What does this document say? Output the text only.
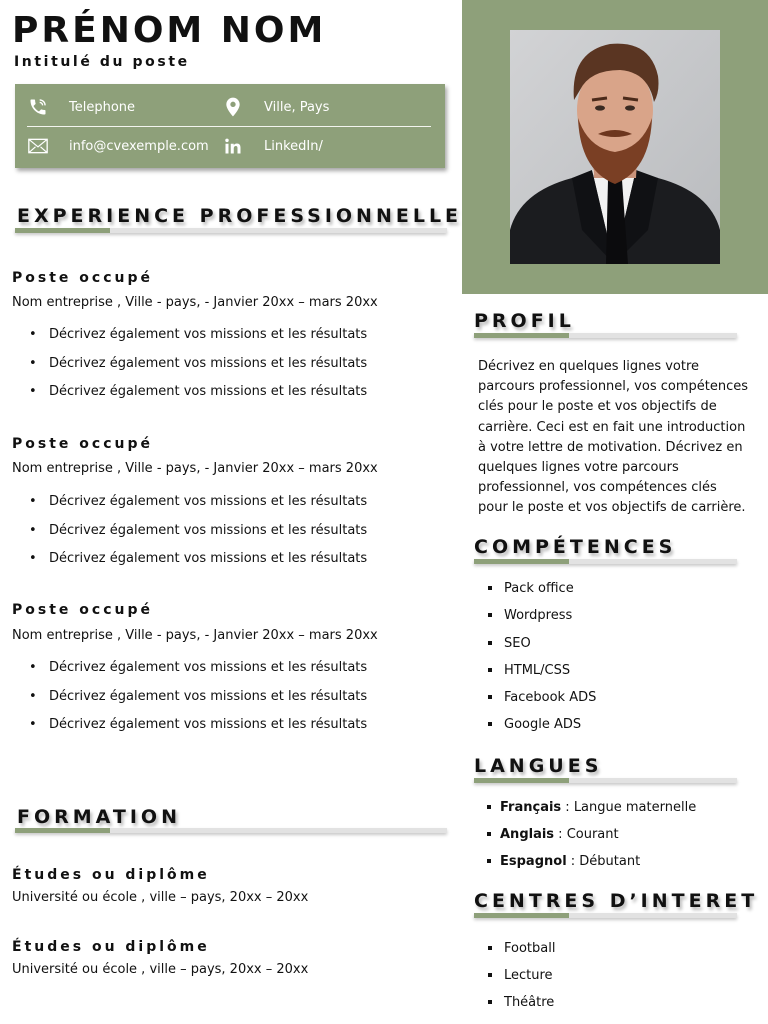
PRÉNOM NOM
Intitulé du poste
Telephone	Ville, Pays
info@cvexemple.com	LinkedIn/
EXPERIENCE PROFESSIONNELLE
Poste occupé
Nom entreprise , Ville - pays, - Janvier 20xx – mars 20xx
• Décrivez également vos missions et les résultats
• Décrivez également vos missions et les résultats
• Décrivez également vos missions et les résultats
Poste occupé
Nom entreprise , Ville - pays, - Janvier 20xx – mars 20xx
• Décrivez également vos missions et les résultats
• Décrivez également vos missions et les résultats
• Décrivez également vos missions et les résultats
Poste occupé
Nom entreprise , Ville - pays, - Janvier 20xx – mars 20xx
• Décrivez également vos missions et les résultats
• Décrivez également vos missions et les résultats
• Décrivez également vos missions et les résultats
FORMATION
Études ou diplôme
Université ou école , ville – pays, 20xx – 20xx
Études ou diplôme
Université ou école , ville – pays, 20xx – 20xx
PROFIL
Décrivez en quelques lignes votre parcours professionnel, vos compétences clés pour le poste et vos objectifs de carrière. Ceci est en fait une introduction à votre lettre de motivation. Décrivez en quelques lignes votre parcours professionnel, vos compétences clés pour le poste et vos objectifs de carrière.
COMPÉTENCES
Pack office
Wordpress
SEO
HTML/CSS
Facebook ADS
Google ADS
LANGUES
Français : Langue maternelle
Anglais : Courant
Espagnol : Débutant
CENTRES D’INTERET
Football
Lecture
Théâtre
